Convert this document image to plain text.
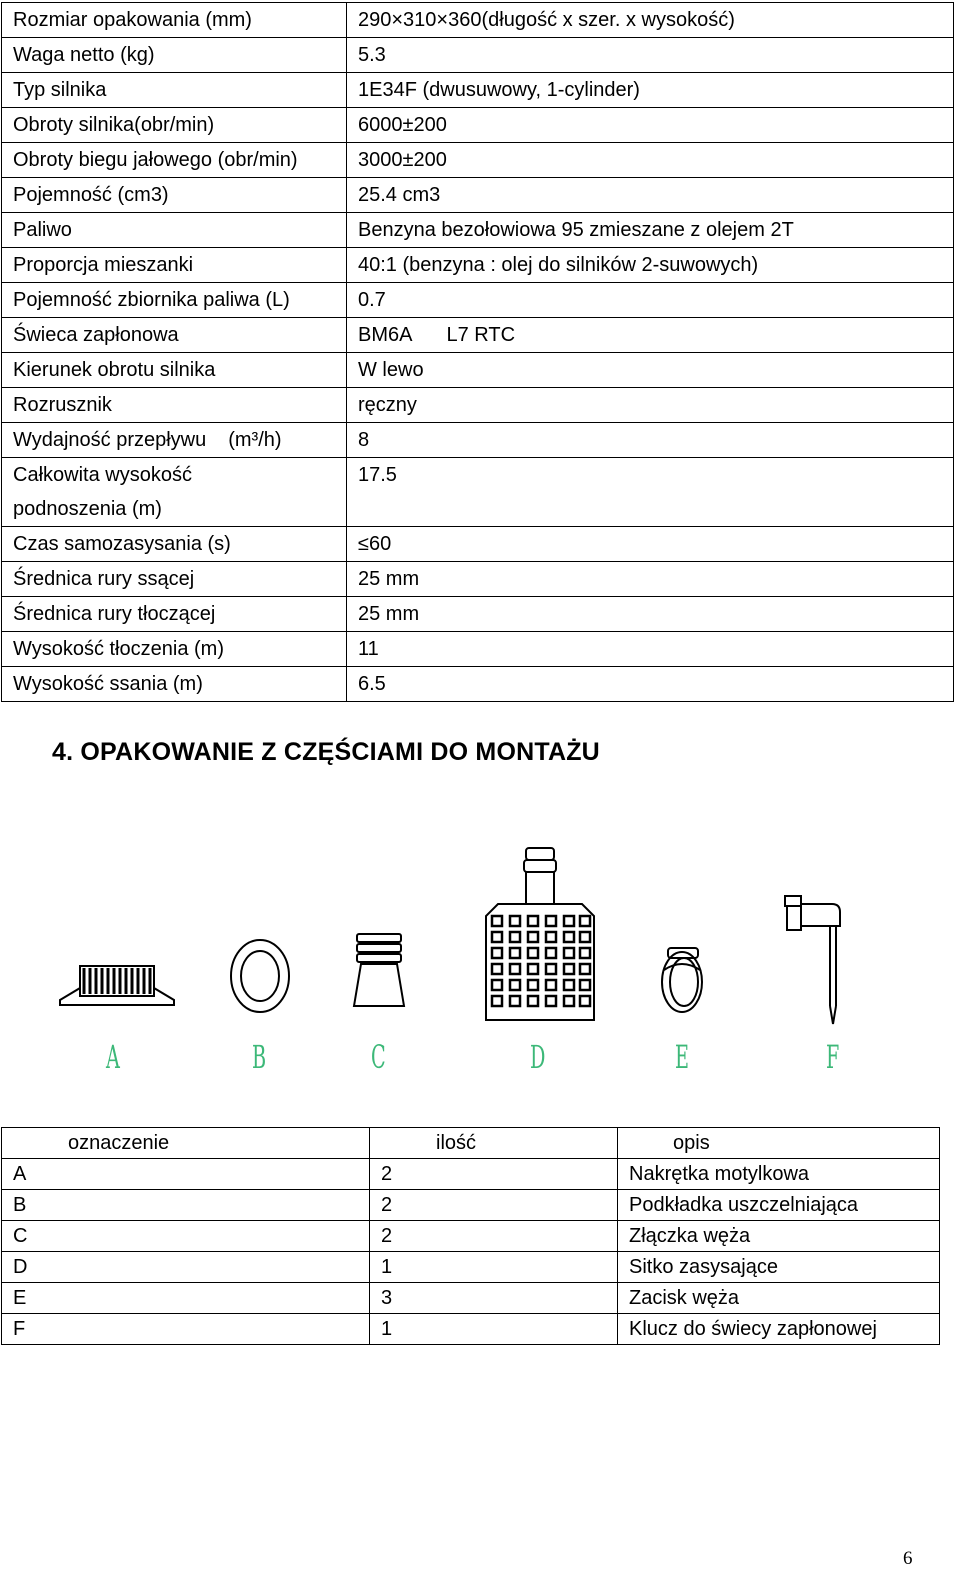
Rozmiar opakowania (mm)	290×310×360(długość x szer. x wysokość)
Waga netto (kg)	5.3
Typ silnika	1E34F (dwusuwowy, 1-cylinder)
Obroty silnika(obr/min)	6000±200
Obroty biegu jałowego (obr/min)	3000±200
Pojemność (cm3)	25.4 cm3
Paliwo	Benzyna bezołowiowa 95 zmieszane z olejem 2T
Proporcja mieszanki	40:1 (benzyna : olej do silników 2-suwowych)
Pojemność zbiornika paliwa (L)	0.7
Świeca zapłonowa	BM6A L7 RTC
Kierunek obrotu silnika	W lewo
Rozrusznik	ręczny
Wydajność przepływu (m³/h)	8
Całkowita wysokość
podnoszenia (m)	17.5
Czas samozasysania (s)	≤60
Średnica rury ssącej	25 mm
Średnica rury tłoczącej	25 mm
Wysokość tłoczenia (m)	11
Wysokość ssania (m)	6.5
4. OPAKOWANIE Z CZĘŚCIAMI DO MONTAŻU
A	B	C	D	E	F
oznaczenie	ilość	opis
A	2	Nakrętka motylkowa
B	2	Podkładka uszczelniająca
C	2	Złączka węża
D	1	Sitko zasysające
E	3	Zacisk węża
F	1	Klucz do świecy zapłonowej
6
